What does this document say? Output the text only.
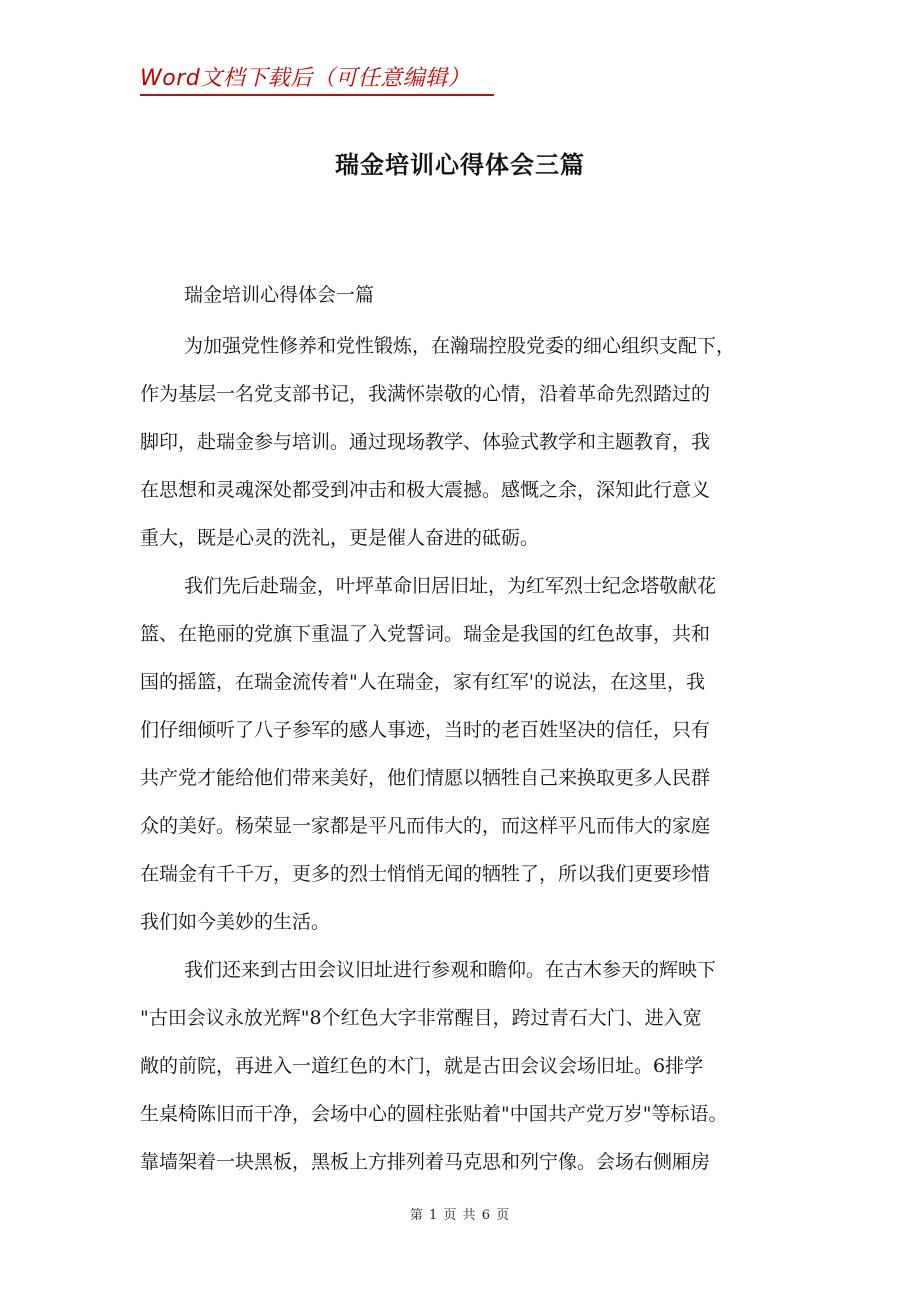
Word文档下载后（可任意编辑）
瑞金培训心得体会三篇
瑞金培训心得体会一篇
为加强党性修养和党性锻炼，在瀚瑞控股党委的细心组织支配下，
作为基层一名党支部书记，我满怀崇敬的心情，沿着革命先烈踏过的
脚印，赴瑞金参与培训。通过现场教学、体验式教学和主题教育，我
在思想和灵魂深处都受到冲击和极大震撼。感慨之余，深知此行意义
重大，既是心灵的洗礼，更是催人奋进的砥砺。
我们先后赴瑞金，叶坪革命旧居旧址，为红军烈士纪念塔敬献花
篮、在艳丽的党旗下重温了入党誓词。瑞金是我国的红色故事，共和
国的摇篮，在瑞金流传着"人在瑞金，家有红军'的说法，在这里，我
们仔细倾听了八子参军的感人事迹，当时的老百姓坚决的信任，只有
共产党才能给他们带来美好，他们情愿以牺牲自己来换取更多人民群
众的美好。杨荣显一家都是平凡而伟大的，而这样平凡而伟大的家庭
在瑞金有千千万，更多的烈士悄悄无闻的牺牲了，所以我们更要珍惜
我们如今美妙的生活。
我们还来到古田会议旧址进行参观和瞻仰。在古木参天的辉映下
"古田会议永放光辉"8个红色大字非常醒目，跨过青石大门、进入宽
敞的前院，再进入一道红色的木门，就是古田会议会场旧址。6排学
生桌椅陈旧而干净，会场中心的圆柱张贴着"中国共产党万岁"等标语。
靠墙架着一块黑板，黑板上方排列着马克思和列宁像。会场右侧厢房
第 1 页 共 6 页
